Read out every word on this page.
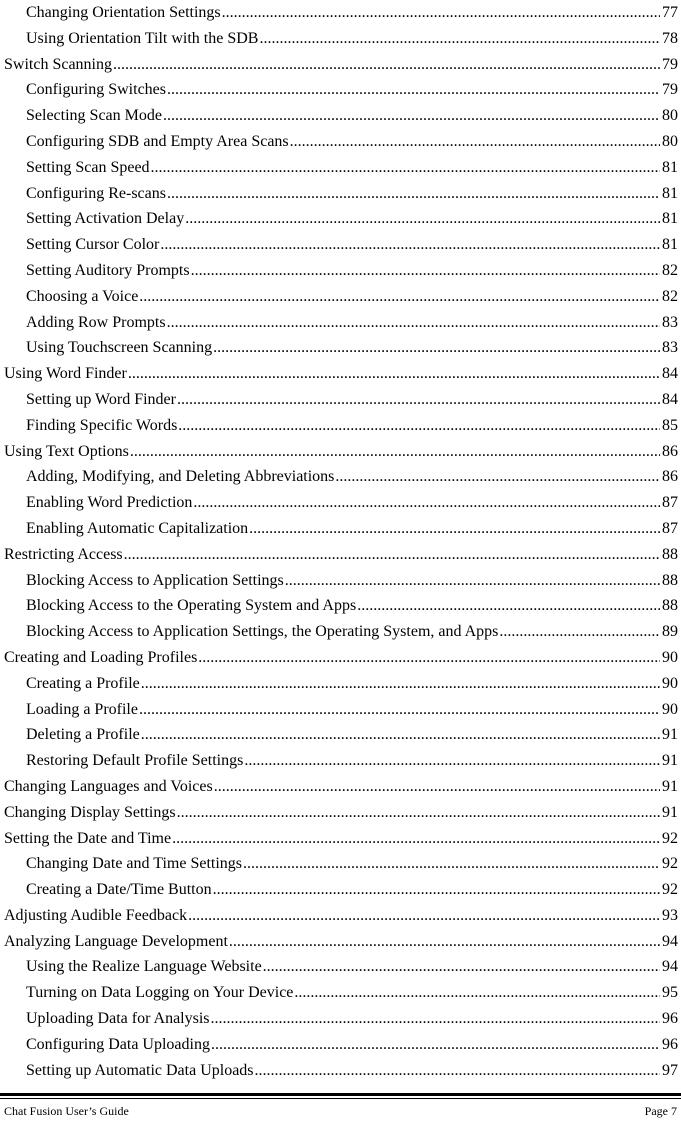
Changing Orientation Settings .....	77
Using Orientation Tilt with the SDB .....	78
Switch Scanning .....	79
Configuring Switches .....	79
Selecting Scan Mode .....	80
Configuring SDB and Empty Area Scans .....	80
Setting Scan Speed .....	81
Configuring Re-scans .....	81
Setting Activation Delay .....	81
Setting Cursor Color .....	81
Setting Auditory Prompts .....	82
Choosing a Voice .....	82
Adding Row Prompts .....	83
Using Touchscreen Scanning .....	83
Using Word Finder .....	84
Setting up Word Finder .....	84
Finding Specific Words .....	85
Using Text Options .....	86
Adding, Modifying, and Deleting Abbreviations .....	86
Enabling Word Prediction .....	87
Enabling Automatic Capitalization .....	87
Restricting Access .....	88
Blocking Access to Application Settings .....	88
Blocking Access to the Operating System and Apps .....	88
Blocking Access to Application Settings, the Operating System, and Apps .....	89
Creating and Loading Profiles .....	90
Creating a Profile .....	90
Loading a Profile .....	90
Deleting a Profile .....	91
Restoring Default Profile Settings .....	91
Changing Languages and Voices .....	91
Changing Display Settings .....	91
Setting the Date and Time .....	92
Changing Date and Time Settings .....	92
Creating a Date/Time Button .....	92
Adjusting Audible Feedback .....	93
Analyzing Language Development .....	94
Using the Realize Language Website .....	94
Turning on Data Logging on Your Device .....	95
Uploading Data for Analysis .....	96
Configuring Data Uploading .....	96
Setting up Automatic Data Uploads .....	97
Chat Fusion User’s Guide	Page 7
